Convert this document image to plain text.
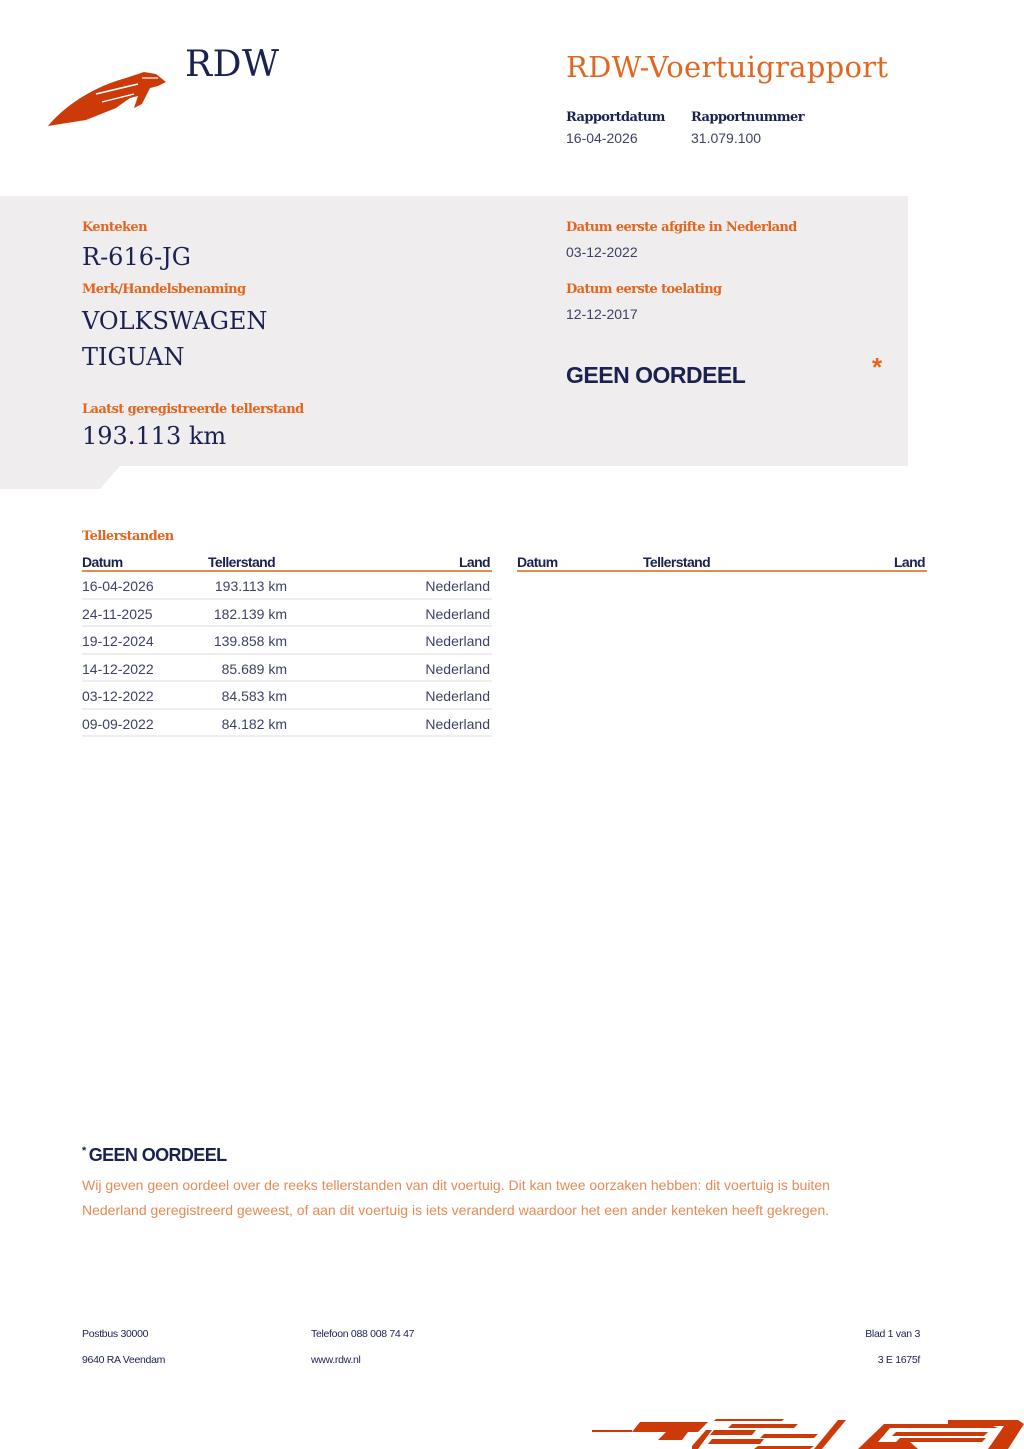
RDW	RDW-Voertuigrapport
Rapportdatum
16-04-2026
Rapportnummer
31.079.100
Kenteken
R-616-JG
Merk/Handelsbenaming
VOLKSWAGEN
TIGUAN
Laatst geregistreerde tellerstand
193.113 km
Datum eerste afgifte in Nederland
03-12-2022
Datum eerste toelating
12-12-2017
GEEN OORDEEL	*
Tellerstanden
Datum	Tellerstand	Land
16-04-2026	193.113 km	Nederland
24-11-2025	182.139 km	Nederland
19-12-2024	139.858 km	Nederland
14-12-2022	85.689 km	Nederland
03-12-2022	84.583 km	Nederland
09-09-2022	84.182 km	Nederland
Datum	Tellerstand	Land
* GEEN OORDEEL
Wij geven geen oordeel over de reeks tellerstanden van dit voertuig. Dit kan twee oorzaken hebben: dit voertuig is buiten Nederland geregistreerd geweest, of aan dit voertuig is iets veranderd waardoor het een ander kenteken heeft gekregen.
Postbus 30000
9640 RA Veendam
Telefoon 088 008 74 47
www.rdw.nl
Blad 1 van 3
3 E 1675f
